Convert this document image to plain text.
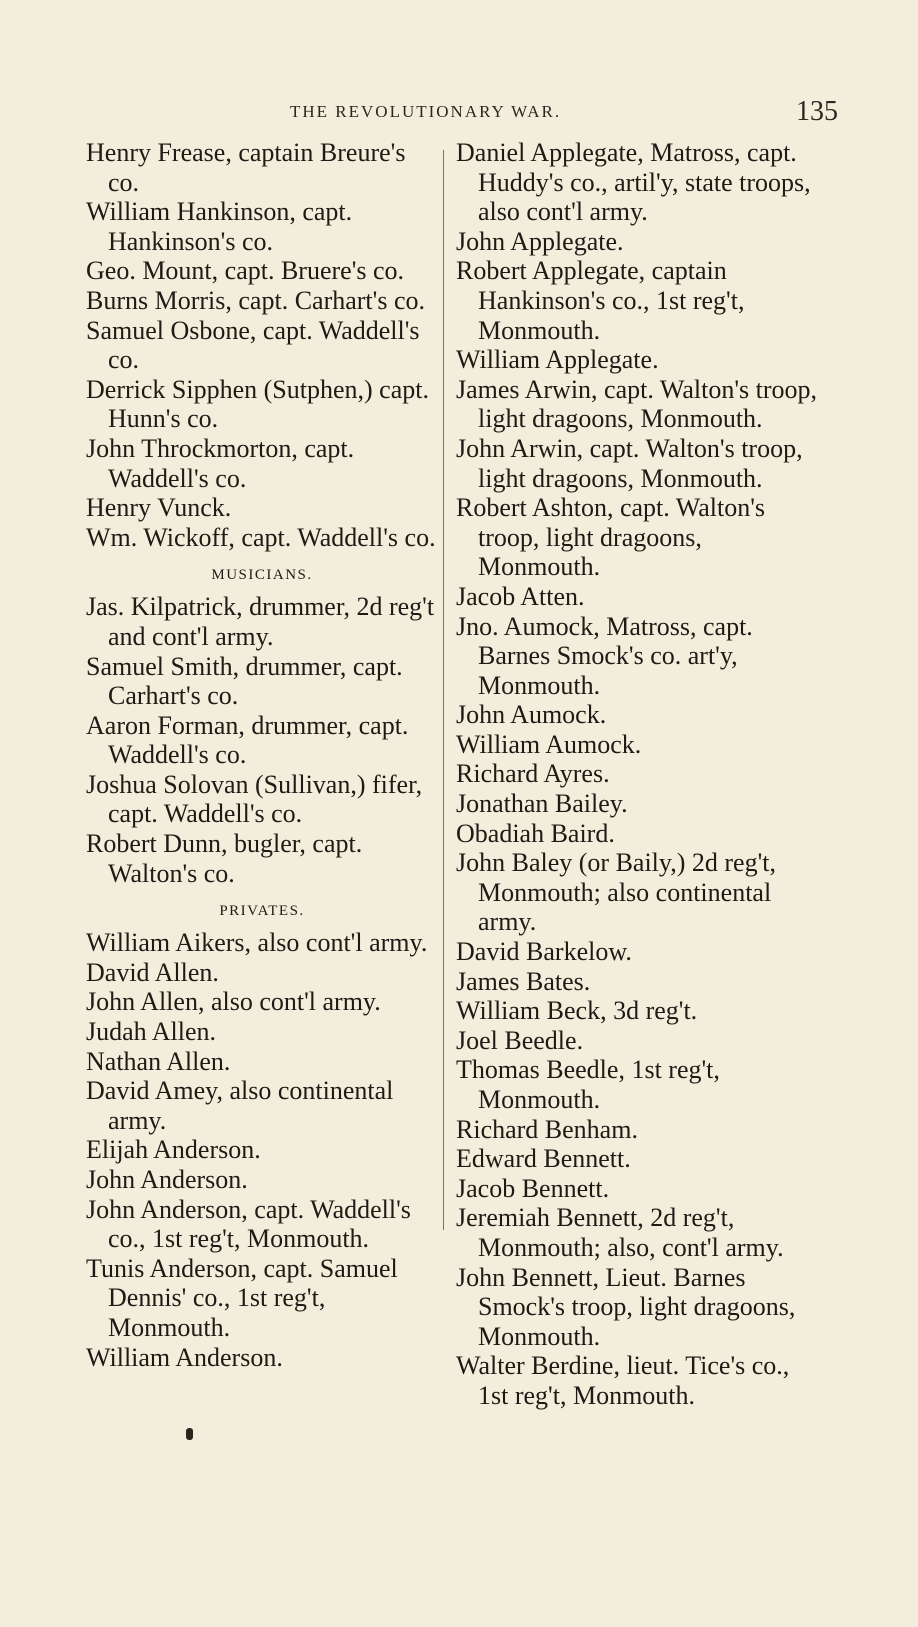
THE REVOLUTIONARY WAR.	135

Henry Frease, captain Breure's co.

William Hankinson, capt. Hankinson's co.

Geo. Mount, capt. Bruere's co.

Burns Morris, capt. Carhart's co.

Samuel Osbone, capt. Waddell's co.

Derrick Sipphen (Sutphen,) capt. Hunn's co.

John Throckmorton, capt. Waddell's co.

Henry Vunck.

Wm. Wickoff, capt. Waddell's co.

MUSICIANS.

Jas. Kilpatrick, drummer, 2d reg't and cont'l army.

Samuel Smith, drummer, capt. Carhart's co.

Aaron Forman, drummer, capt. Waddell's co.

Joshua Solovan (Sullivan,) fifer, capt. Waddell's co.

Robert Dunn, bugler, capt. Walton's co.

PRIVATES.

William Aikers, also cont'l army.

David Allen.

John Allen, also cont'l army.

Judah Allen.

Nathan Allen.

David Amey, also continental army.

Elijah Anderson.

John Anderson.

John Anderson, capt. Waddell's co., 1st reg't, Monmouth.

Tunis Anderson, capt. Samuel Dennis' co., 1st reg't, Monmouth.

William Anderson.

Daniel Applegate, Matross, capt. Huddy's co., artil'y, state troops, also cont'l army.

John Applegate.

Robert Applegate, captain Hankinson's co., 1st reg't, Monmouth.

William Applegate.

James Arwin, capt. Walton's troop, light dragoons, Monmouth.

John Arwin, capt. Walton's troop, light dragoons, Monmouth.

Robert Ashton, capt. Walton's troop, light dragoons, Monmouth.

Jacob Atten.

Jno. Aumock, Matross, capt. Barnes Smock's co. art'y, Monmouth.

John Aumock.

William Aumock.

Richard Ayres.

Jonathan Bailey.

Obadiah Baird.

John Baley (or Baily,) 2d reg't, Monmouth; also continental army.

David Barkelow.

James Bates.

William Beck, 3d reg't.

Joel Beedle.

Thomas Beedle, 1st reg't, Monmouth.

Richard Benham.

Edward Bennett.

Jacob Bennett.

Jeremiah Bennett, 2d reg't, Monmouth; also, cont'l army.

John Bennett, Lieut. Barnes Smock's troop, light dragoons, Monmouth.

Walter Berdine, lieut. Tice's co., 1st reg't, Monmouth.
